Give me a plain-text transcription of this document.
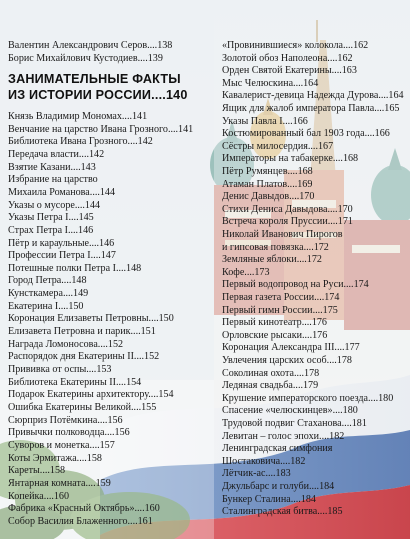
Валентин Александрович Серов....138
Борис Михайлович Кустодиев....139
ЗАНИМАТЕЛЬНЫЕ ФАКТЫ
ИЗ ИСТОРИИ РОССИИ....140
Князь Владимир Мономах....141
Венчание на царство Ивана Грозного....141
Библиотека Ивана Грозного....142
Передача власти....142
Взятие Казани....143
Избрание на царство
Михаила Романова....144
Указы о мусоре....144
Указы Петра I....145
Страх Петра I....146
Пётр и караульные....146
Профессии Петра I....147
Потешные полки Петра I....148
Город Петра....148
Кунсткамера....149
Екатерина I....150
Коронация Елизаветы Петровны....150
Елизавета Петровна и парик....151
Награда Ломоносова....152
Распорядок дня Екатерины II....152
Прививка от оспы....153
Библиотека Екатерины II....154
Подарок Екатерины архитектору....154
Ошибка Екатерины Великой....155
Сюрприз Потёмкина....156
Привычки полководца....156
Суворов и монетка....157
Коты Эрмитажа....158
Кареты....158
Янтарная комната....159
Копейка....160
Фабрика «Красный Октябрь»....160
Собор Василия Блаженного....161
«Провинившиеся» колокола....162
Золотой обоз Наполеона....162
Орден Святой Екатерины....163
Мыс Челюскина....164
Кавалерист-девица Надежда Дурова....164
Ящик для жалоб императора Павла....165
Указы Павла I....166
Костюмированный бал 1903 года....166
Сёстры милосердия....167
Императоры на табакерке....168
Пётр Румянцев....168
Атаман Платов....169
Денис Давыдов....170
Стихи Дениса Давыдова....170
Встреча короля Пруссии....171
Николай Иванович Пирогов
и гипсовая повязка....172
Земляные яблоки....172
Кофе....173
Первый водопровод на Руси....174
Первая газета России....174
Первый гимн России....175
Первый кинотеатр....176
Орловские рысаки....176
Коронация Александра III....177
Увлечения царских особ....178
Соколиная охота....178
Ледяная свадьба....179
Крушение императорского поезда....180
Спасение «челюскинцев»....180
Трудовой подвиг Стаханова....181
Левитан – голос эпохи....182
Ленинградская симфония
Шостаковича....182
Лётчик-ас....183
Джульбарс и голуби....184
Бункер Сталина....184
Сталинградская битва....185
